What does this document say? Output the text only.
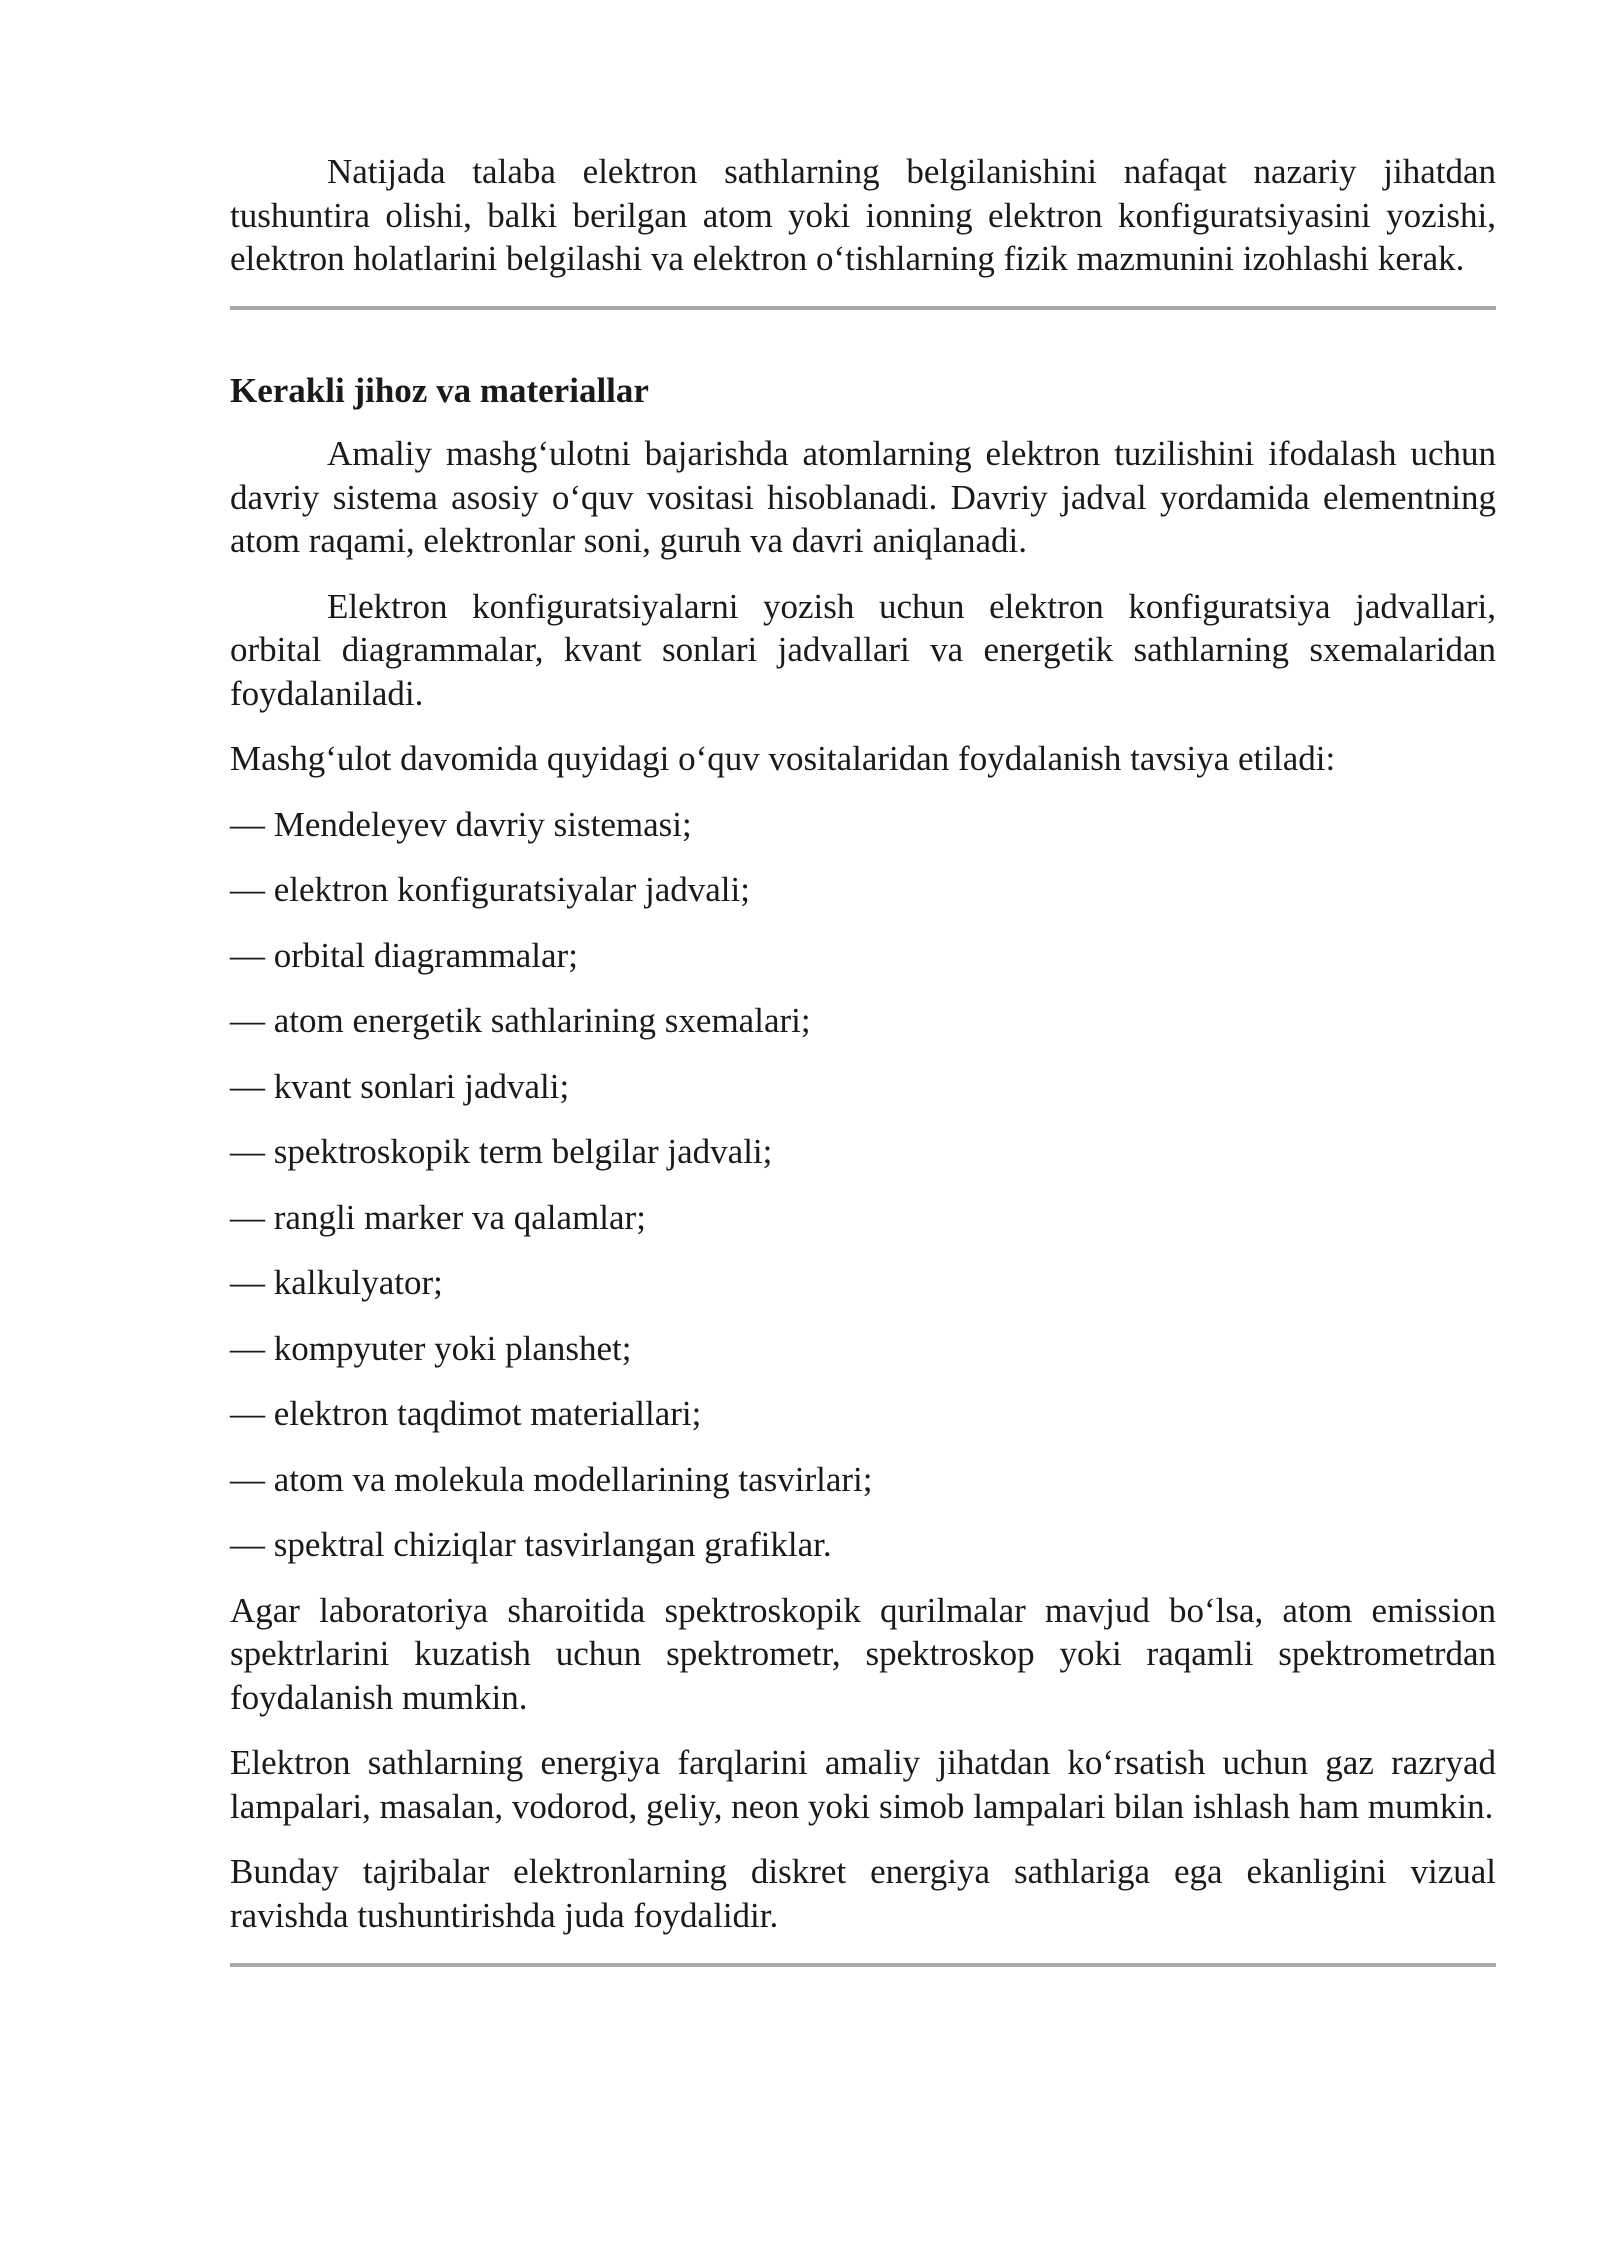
Natijada talaba elektron sathlarning belgilanishini nafaqat nazariy jihatdan tushuntira olishi, balki berilgan atom yoki ionning elektron konfiguratsiyasini yozishi, elektron holatlarini belgilashi va elektron o‘tishlarning fizik mazmunini izohlashi kerak.

Kerakli jihoz va materiallar

Amaliy mashg‘ulotni bajarishda atomlarning elektron tuzilishini ifodalash uchun davriy sistema asosiy o‘quv vositasi hisoblanadi. Davriy jadval yordamida elementning atom raqami, elektronlar soni, guruh va davri aniqlanadi.

Elektron konfiguratsiyalarni yozish uchun elektron konfiguratsiya jadvallari, orbital diagrammalar, kvant sonlari jadvallari va energetik sathlarning sxemalaridan foydalaniladi.

Mashg‘ulot davomida quyidagi o‘quv vositalaridan foydalanish tavsiya etiladi:

— Mendeleyev davriy sistemasi;
— elektron konfiguratsiyalar jadvali;
— orbital diagrammalar;
— atom energetik sathlarining sxemalari;
— kvant sonlari jadvali;
— spektroskopik term belgilar jadvali;
— rangli marker va qalamlar;
— kalkulyator;
— kompyuter yoki planshet;
— elektron taqdimot materiallari;
— atom va molekula modellarining tasvirlari;
— spektral chiziqlar tasvirlangan grafiklar.

Agar laboratoriya sharoitida spektroskopik qurilmalar mavjud bo‘lsa, atom emission spektrlarini kuzatish uchun spektrometr, spektroskop yoki raqamli spektrometrdan foydalanish mumkin.

Elektron sathlarning energiya farqlarini amaliy jihatdan ko‘rsatish uchun gaz razryad lampalari, masalan, vodorod, geliy, neon yoki simob lampalari bilan ishlash ham mumkin.

Bunday tajribalar elektronlarning diskret energiya sathlariga ega ekanligini vizual ravishda tushuntirishda juda foydalidir.
